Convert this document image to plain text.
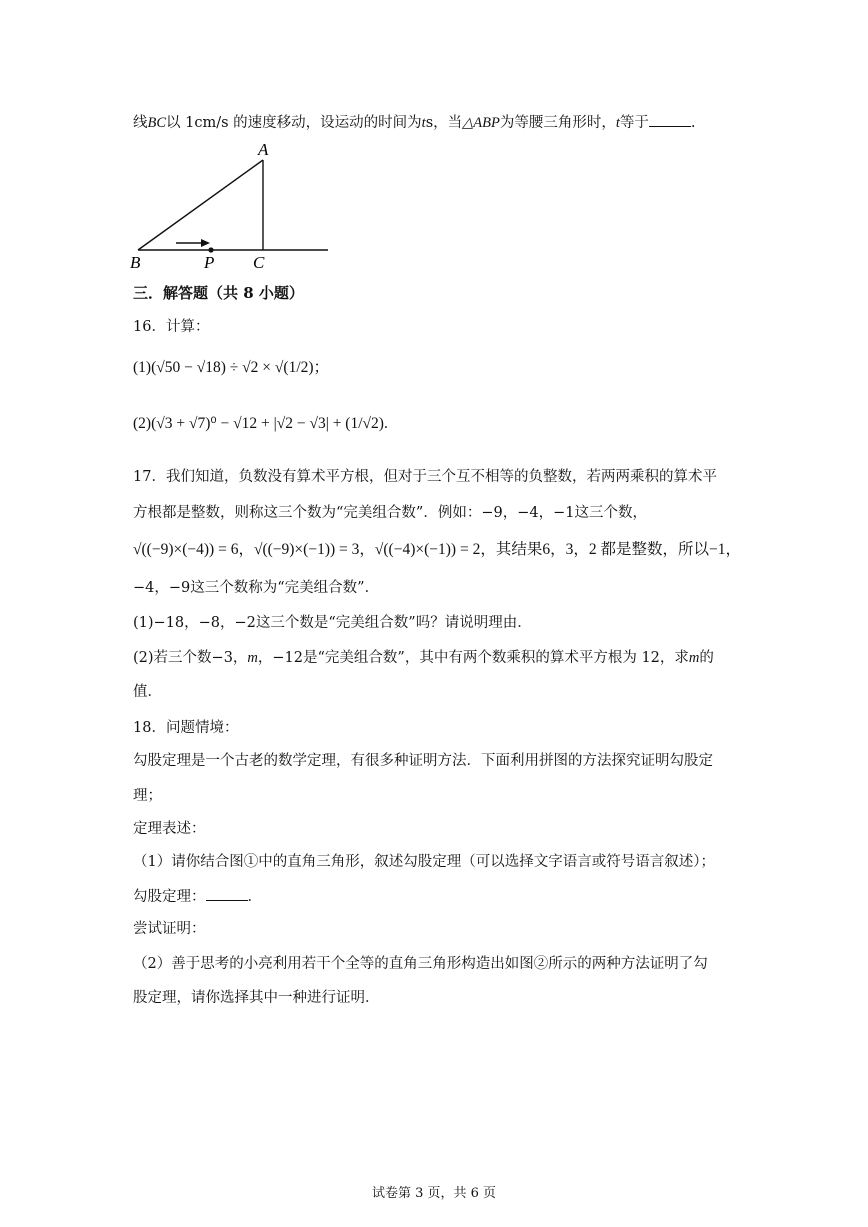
线BC以 1cm/s 的速度移动，设运动的时间为ts，当△ABP为等腰三角形时，t等于	.
A
B	P C
三．解答题（共 8 小题）
16．计算：
(1)(√50 − √18) ÷ √2 × √(1/2)；
(2)(√3 + √7)⁰ − √12 + |√2 − √3| + (1/√2).
17．我们知道，负数没有算术平方根，但对于三个互不相等的负整数，若两两乘积的算术平
方根都是整数，则称这三个数为“完美组合数”．例如：−9，−4，−1这三个数，
√((−9)×(−4)) = 6，√((−9)×(−1)) = 3，√((−4)×(−1)) = 2，其结果6，3，2 都是整数，所以−1，
−4，−9这三个数称为“完美组合数”．
(1)−18，−8，−2这三个数是“完美组合数”吗？请说明理由．
(2)若三个数−3，m，−12是“完美组合数”，其中有两个数乘积的算术平方根为 12，求m的
值．
18．问题情境：
勾股定理是一个古老的数学定理，有很多种证明方法．下面利用拼图的方法探究证明勾股定
理；
定理表述：
（1）请你结合图①中的直角三角形，叙述勾股定理（可以选择文字语言或符号语言叙述）；
勾股定理：	．
尝试证明：
（2）善于思考的小亮利用若干个全等的直角三角形构造出如图②所示的两种方法证明了勾
股定理，请你选择其中一种进行证明．
试卷第 3 页，共 6 页
